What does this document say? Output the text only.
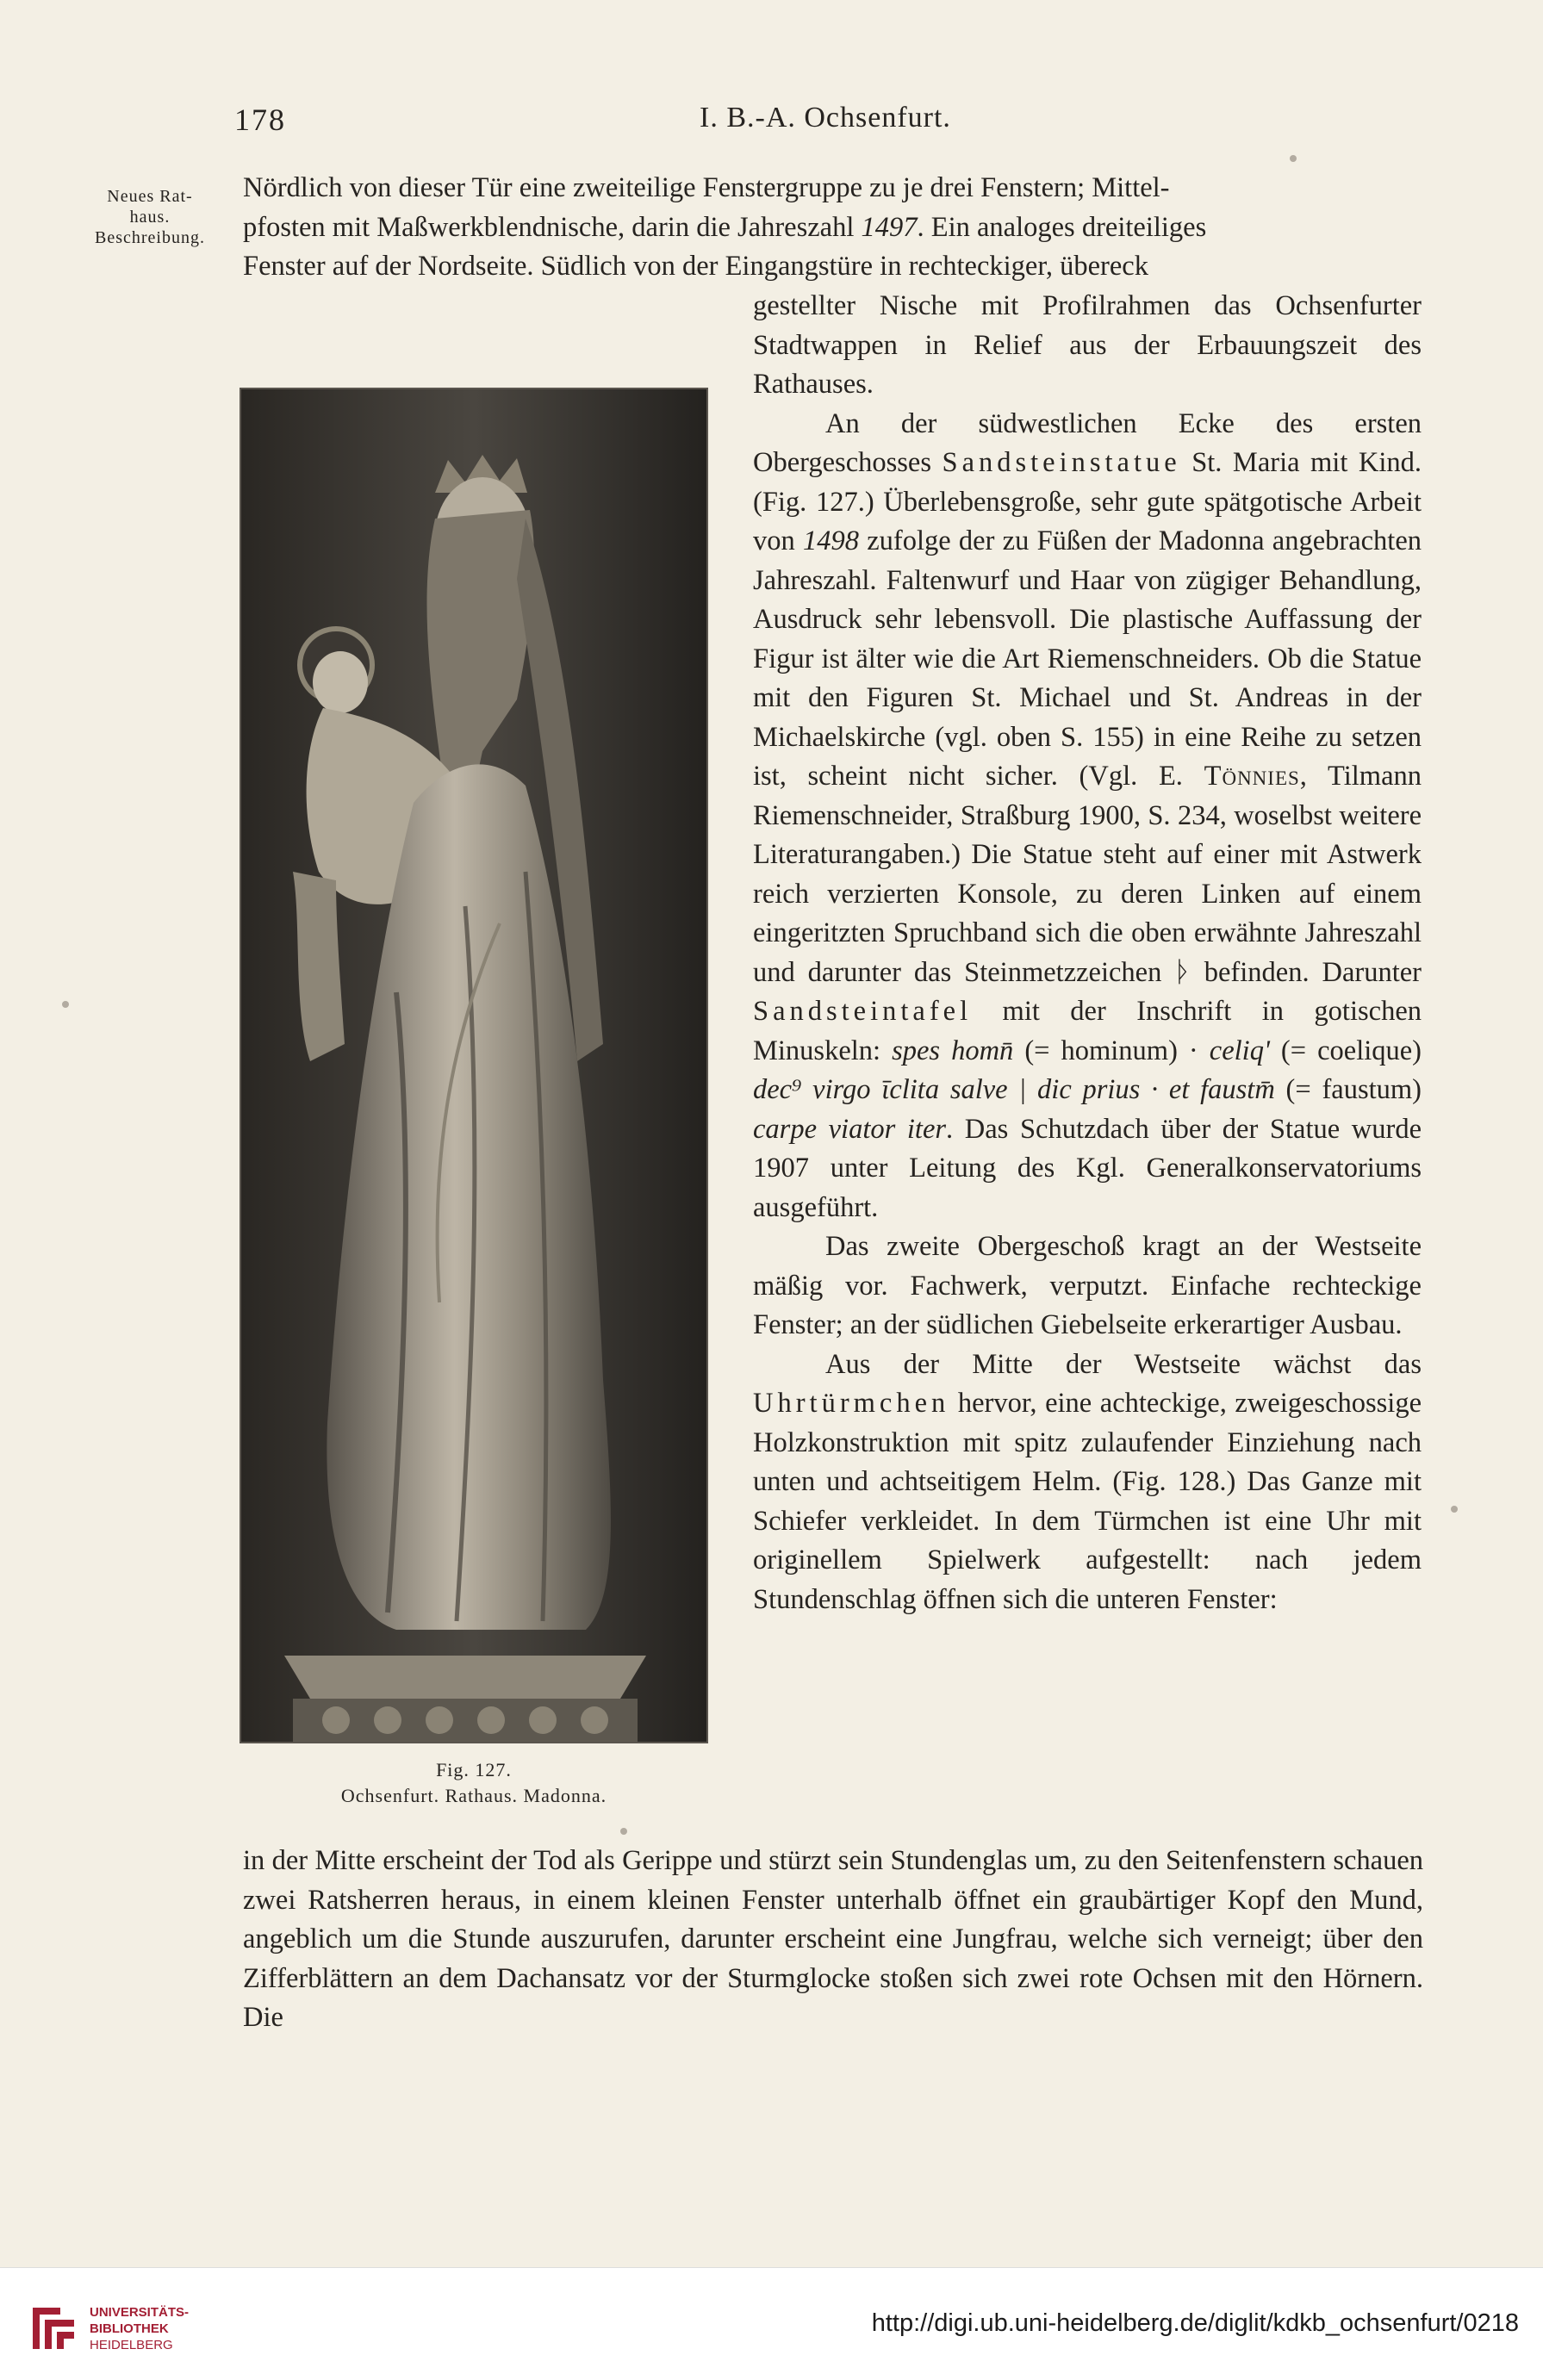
178	I. B.-A. Ochsenfurt.
Neues Rat-
haus.
Beschreibung.

Nördlich von dieser Tür eine zweiteilige Fenstergruppe zu je drei Fenstern; Mittel-
pfosten mit Maßwerkblendnische, darin die Jahreszahl 1497. Ein analoges dreiteiliges
Fenster auf der Nordseite. Südlich von der Eingangstüre in rechteckiger, übereck

Fig. 127.
Ochsenfurt. Rathaus. Madonna.

gestellter Nische mit Profilrahmen das Ochsenfurter Stadtwappen in Relief aus der Erbauungszeit des Rathauses.

An der südwestlichen Ecke des ersten Obergeschosses Sandsteinstatue St. Maria mit Kind. (Fig. 127.) Überlebensgroße, sehr gute spätgotische Arbeit von 1498 zufolge der zu Füßen der Madonna angebrachten Jahreszahl. Faltenwurf und Haar von zügiger Behandlung, Ausdruck sehr lebensvoll. Die plastische Auffassung der Figur ist älter wie die Art Riemenschneiders. Ob die Statue mit den Figuren St. Michael und St. Andreas in der Michaelskirche (vgl. oben S. 155) in eine Reihe zu setzen ist, scheint nicht sicher. (Vgl. E. Tönnies, Tilmann Riemenschneider, Straßburg 1900, S. 234, woselbst weitere Literaturangaben.) Die Statue steht auf einer mit Astwerk reich verzierten Konsole, zu deren Linken auf einem eingeritzten Spruchband sich die oben erwähnte Jahreszahl und darunter das Steinmetzzeichen ᚦ befinden. Darunter Sandsteintafel mit der Inschrift in gotischen Minuskeln: spes homn̄ (= hominum) · celiq' (= coelique) dec⁹ virgo ῑclita salve | dic prius · et faustm̄ (= faustum) carpe viator iter. Das Schutzdach über der Statue wurde 1907 unter Leitung des Kgl. Generalkonservatoriums ausgeführt.

Das zweite Obergeschoß kragt an der Westseite mäßig vor. Fachwerk, verputzt. Einfache rechteckige Fenster; an der südlichen Giebelseite erkerartiger Ausbau.

Aus der Mitte der Westseite wächst das Uhrtürmchen hervor, eine achteckige, zweigeschossige Holzkonstruktion mit spitz zulaufender Einziehung nach unten und achtseitigem Helm. (Fig. 128.) Das Ganze mit Schiefer verkleidet. In dem Türmchen ist eine Uhr mit originellem Spielwerk aufgestellt: nach jedem Stundenschlag öffnen sich die unteren Fenster:

in der Mitte erscheint der Tod als Gerippe und stürzt sein Stundenglas um, zu den Seitenfenstern schauen zwei Ratsherren heraus, in einem kleinen Fenster unterhalb öffnet ein graubärtiger Kopf den Mund, angeblich um die Stunde auszurufen, darunter erscheint eine Jungfrau, welche sich verneigt; über den Zifferblättern an dem Dachansatz vor der Sturmglocke stoßen sich zwei rote Ochsen mit den Hörnern. Die

UNIVERSITÄTS-
BIBLIOTHEK
HEIDELBERG
http://digi.ub.uni-heidelberg.de/diglit/kdkb_ochsenfurt/0218
